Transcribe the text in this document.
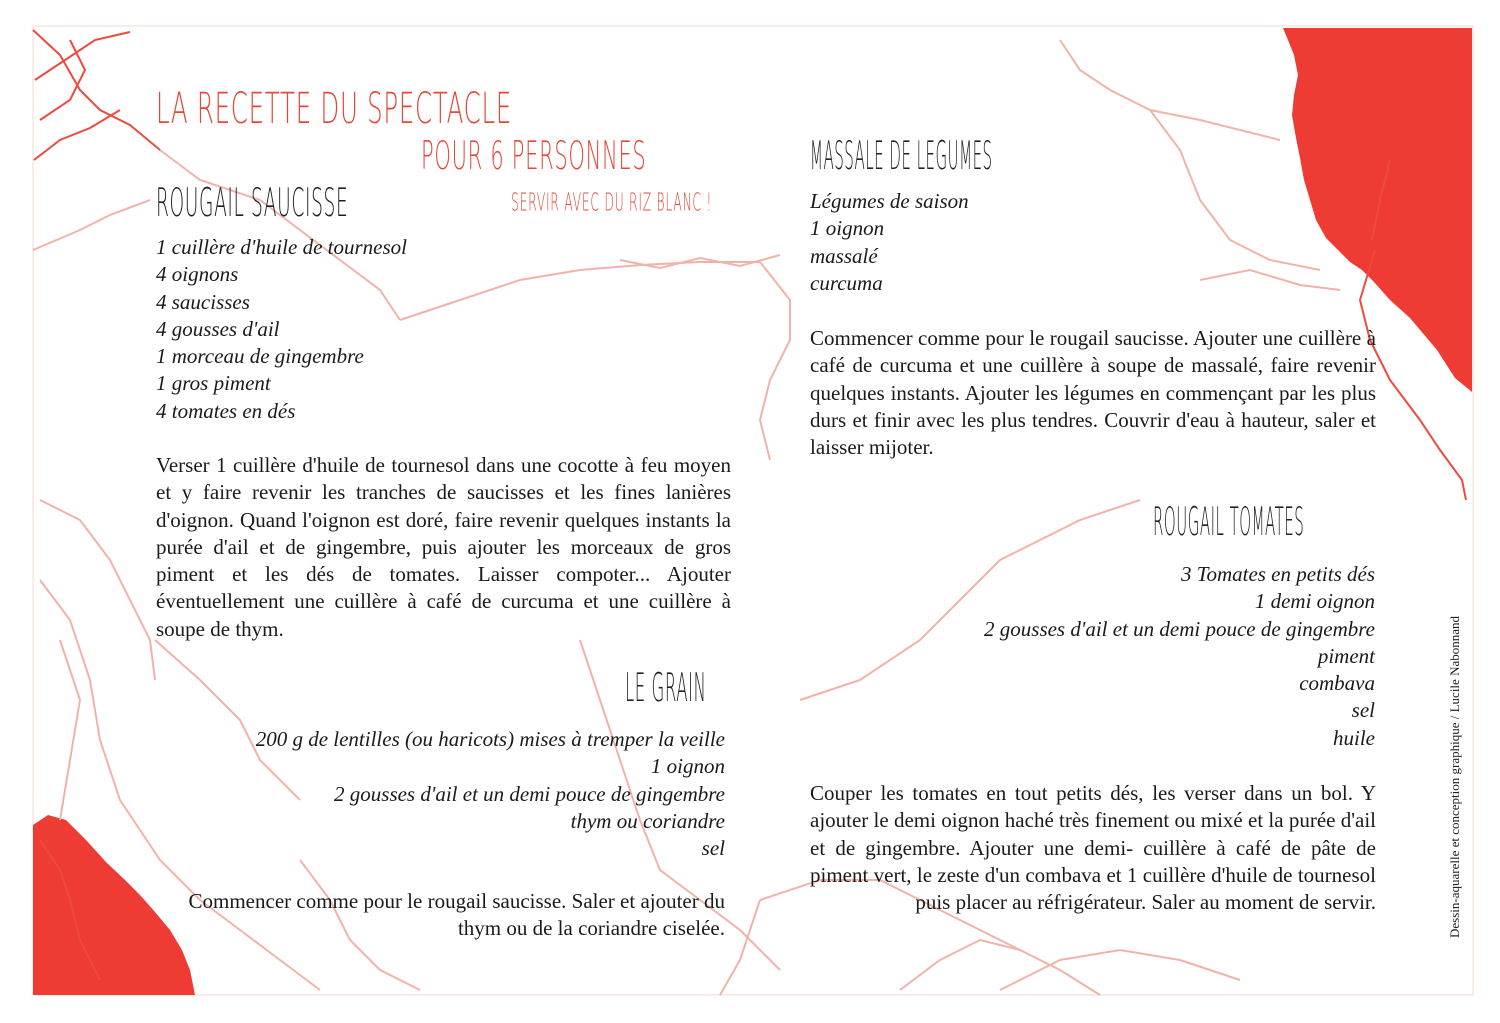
LA RECETTE DU SPECTACLE
POUR 6 PERSONNES
SERVIR AVEC DU RIZ BLANC !
ROUGAIL SAUCISSE
1 cuillère d'huile de tournesol
4 oignons
4 saucisses
4 gousses d'ail
1 morceau de gingembre
1 gros piment
4 tomates en dés

Verser 1 cuillère d'huile de tournesol dans une cocotte à feu moyen et y faire revenir les tranches de saucisses et les fines lanières d'oignon. Quand l'oignon est doré, faire revenir quelques instants la purée d'ail et de gingembre, puis ajouter les morceaux de gros piment et les dés de tomates. Laisser compoter... Ajouter éventuellement une cuillère à café de curcuma et une cuillère à soupe de thym.

LE GRAIN
200 g de lentilles (ou haricots) mises à tremper la veille
1 oignon
2 gousses d'ail et un demi pouce de gingembre
thym ou coriandre
sel
Commencer comme pour le rougail saucisse. Saler et ajouter du
thym ou de la coriandre ciselée.
MASSALE DE LEGUMES
Légumes de saison
1 oignon
massalé
curcuma

Commencer comme pour le rougail saucisse. Ajouter une cuillère à café de curcuma et une cuillère à soupe de massalé, faire revenir quelques instants. Ajouter les légumes en commençant par les plus durs et finir avec les plus tendres. Couvrir d'eau à hauteur, saler et laisser mijoter.

ROUGAIL TOMATES
3 Tomates en petits dés
1 demi oignon
2 gousses d'ail et un demi pouce de gingembre
piment
combava
sel
huile

Couper les tomates en tout petits dés, les verser dans un bol. Y ajouter le demi oignon haché très finement ou mixé et la purée d'ail et de gingembre. Ajouter une demi- cuillère à café de pâte de piment vert, le zeste d'un combava et 1 cuillère d'huile de tournesol puis placer au réfrigérateur. Saler au moment de servir.	Dessin-aquarelle et conception graphique / Lucile Nabonnand
